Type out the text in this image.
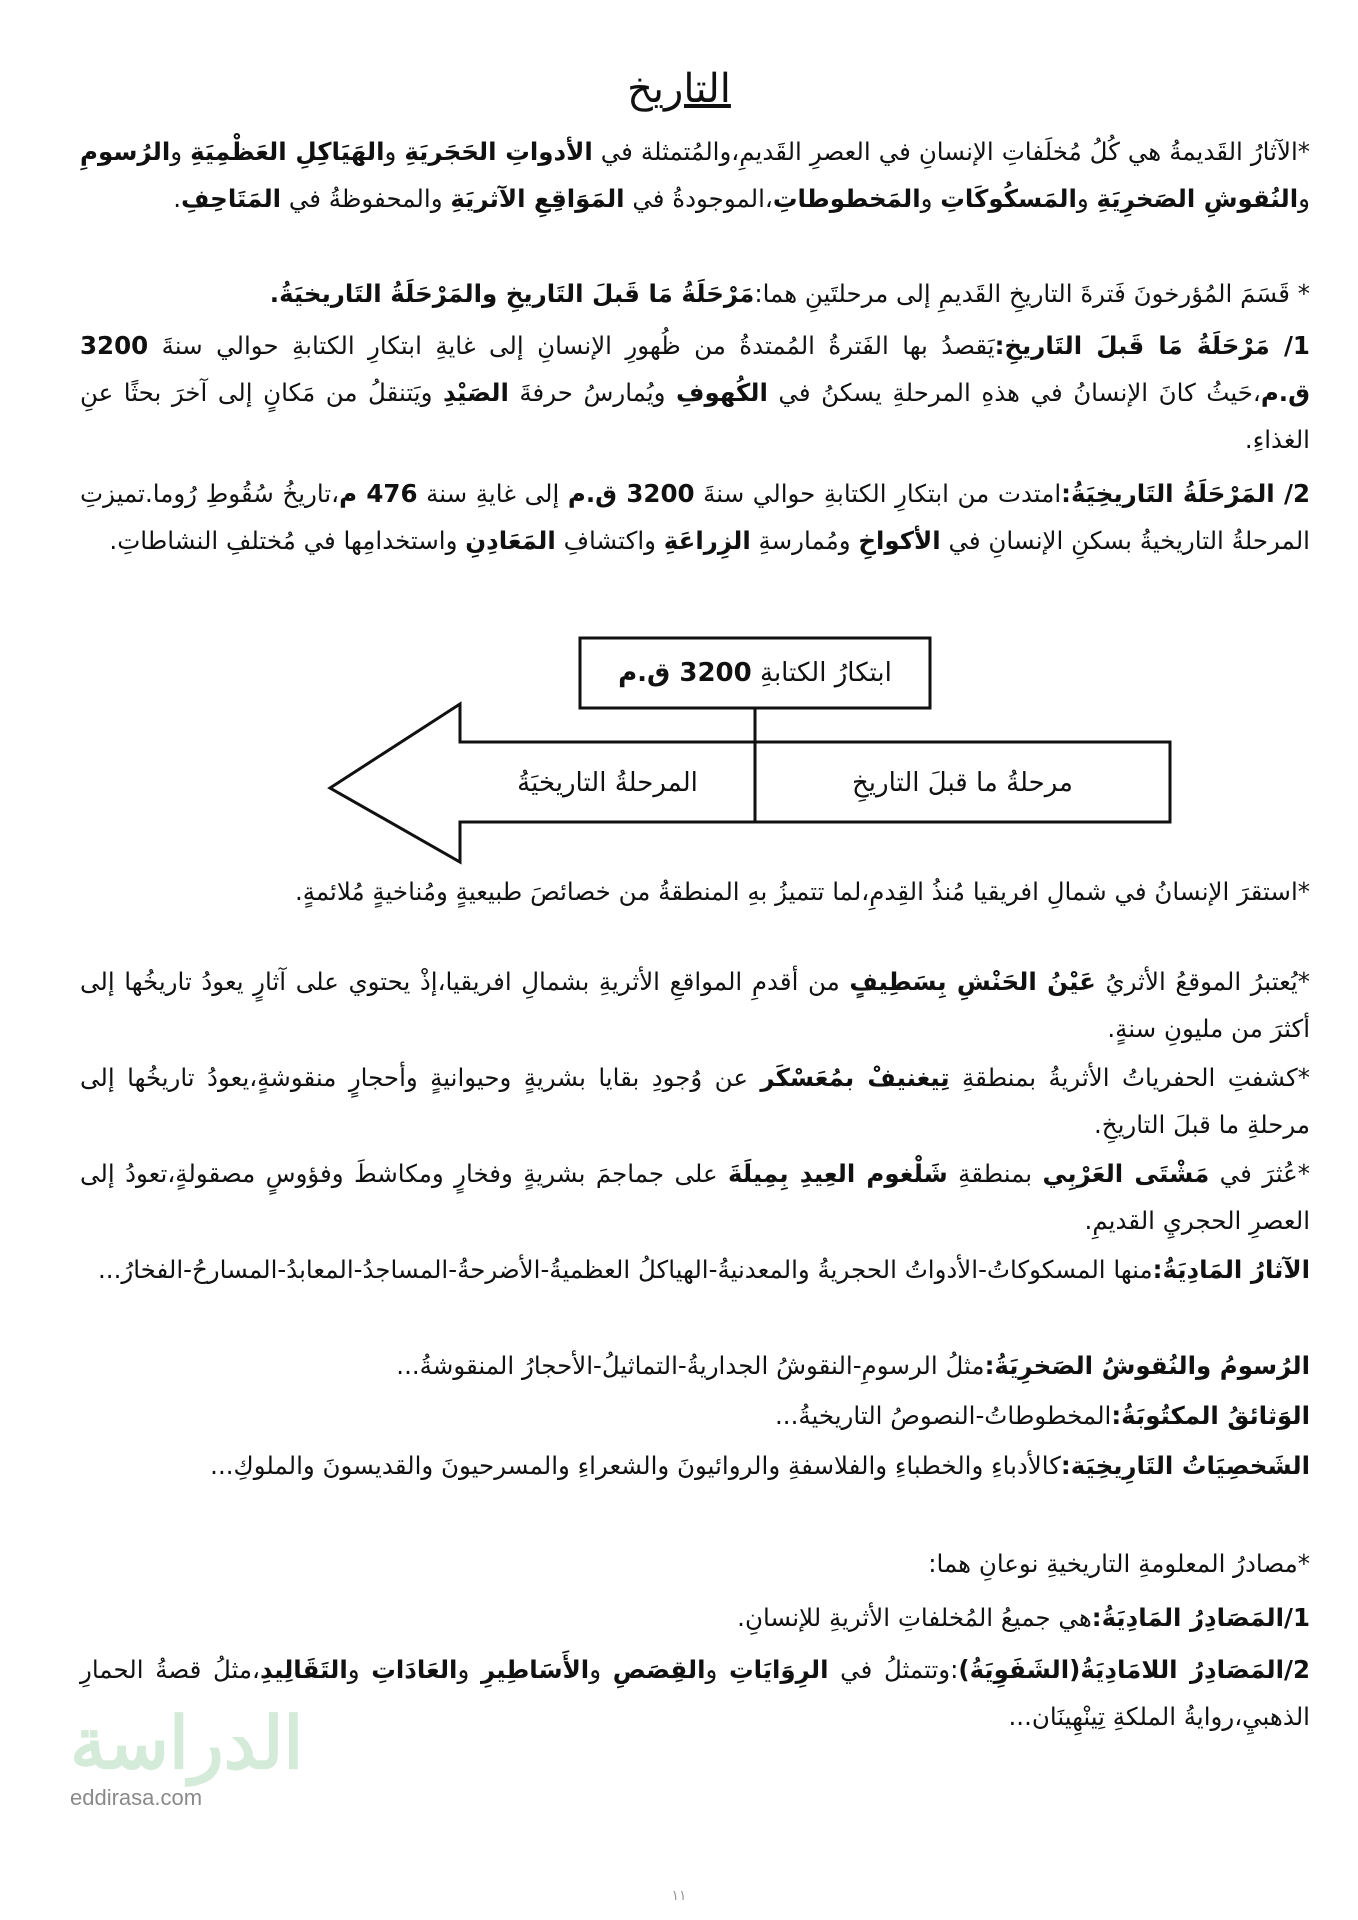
التاريخ

*الآثارُ القَديمةُ هي كُلُ مُخلَفاتِ الإنسانِ في العصرِ القَديمِ،والمُتمثلة في الأدواتِ الحَجَريَةِ والهَيَاكِلِ العَظْمِيَةِ والرُسومِ والنُقوشِ الصَخرِيَةِ والمَسكُوكَاتِ والمَخطوطاتِ،الموجودةُ في المَوَاقِعِ الآثريَةِ والمحفوظةُ في المَتَاحِفِ.

* قَسَمَ المُؤرخونَ فَترةَ التاريخِ القَديمِ إلى مرحلتَينِ هما:مَرْحَلَةُ مَا قَبلَ التَاريخِ والمَرْحَلَةُ التَاريخيَةُ.

1/ مَرْحَلَةُ مَا قَبلَ التَاريخِ:يَقصدُ بها الفَترةُ المُمتدةُ من ظُهورِ الإنسانِ إلى غايةِ ابتكارِ الكتابةِ حوالي سنةَ 3200 ق.م،حَيثُ كانَ الإنسانُ في هذهِ المرحلةِ يسكنُ في الكُهوفِ ويُمارسُ حرفةَ الصَيْدِ ويَتنقلُ من مَكانٍ إلى آخرَ بحثًا عنِ الغذاءِ.

2/ المَرْحَلَةُ التَاريخِيَةُ:امتدت من ابتكارِ الكتابةِ حوالي سنةَ 3200 ق.م إلى غايةِ سنة 476 م،تاريخُ سُقُوطِ رُوما.تميزتِ المرحلةُ التاريخيةُ بسكنِ الإنسانِ في الأكواخِ ومُمارسةِ الزِراعَةِ واكتشافِ المَعَادِنِ واستخدامِها في مُختلفِ النشاطاتِ.

ابتكارُ الكتابةِ 3200 ق.م
مرحلةُ ما قبلَ التاريخِ
المرحلةُ التاريخيَةُ

*استقرَ الإنسانُ في شمالِ افريقيا مُنذُ القِدمِ،لما تتميزُ بهِ المنطقةُ من خصائصَ طبيعيةٍ ومُناخيةٍ مُلائمةٍ.

*يُعتبرُ الموقعُ الأثريُ عَيْنُ الحَنْشِ بِسَطِيفٍ من أقدمِ المواقعِ الأثريةِ بشمالِ افريقيا،إذْ يحتوي على آثارٍ يعودُ تاريخُها إلى أكثرَ من مليونِ سنةٍ.

*كشفتِ الحفرياتُ الأثريةُ بمنطقةِ تِيغنيفْ بمُعَسْكَر عن وُجودِ بقايا بشريةٍ وحيوانيةٍ وأحجارٍ منقوشةٍ،يعودُ تاريخُها إلى مرحلةِ ما قبلَ التاريخِ.

*عُثرَ في مَشْتَى العَرْبِي بمنطقةِ شَلْغوم العِيدِ بِمِيلَةَ على جماجمَ بشريةٍ وفخارٍ ومكاشطَ وفؤوسٍ مصقولةٍ،تعودُ إلى العصرِ الحجريِ القديمِ.

الآثارُ المَادِيَةُ:منها المسكوكاتُ-الأدواتُ الحجريةُ والمعدنيةُ-الهياكلُ العظميةُ-الأضرحةُ-المساجدُ-المعابدُ-المسارحُ-الفخارُ...

الرُسومُ والنُقوشُ الصَخرِيَةُ:مثلُ الرسومِ-النقوشُ الجداريةُ-التماثيلُ-الأحجارُ المنقوشةُ...

الوَثائقُ المكتُوبَةُ:المخطوطاتُ-النصوصُ التاريخيةُ...

الشَخصِيَاتُ التَارِيخِيَة:كالأدباءِ والخطباءِ والفلاسفةِ والروائيونَ والشعراءِ والمسرحيونَ والقديسونَ والملوكِ...

*مصادرُ المعلومةِ التاريخيةِ نوعانِ هما:

1/المَصَادِرُ المَادِيَةُ:هي جميعُ المُخلفاتِ الأثريةِ للإنسانِ.

2/المَصَادِرُ اللامَادِيَةُ(الشَفَوِيَةُ):وتتمثلُ في الرِوَايَاتِ والقِصَصِ والأَسَاطِيرِ والعَادَاتِ والتَقَالِيدِ،مثلُ قصةُ الحمارِ الذهبيِ،روايةُ الملكةِ تِينْهِينَان...

الدراسة
eddirasa.com
١١
